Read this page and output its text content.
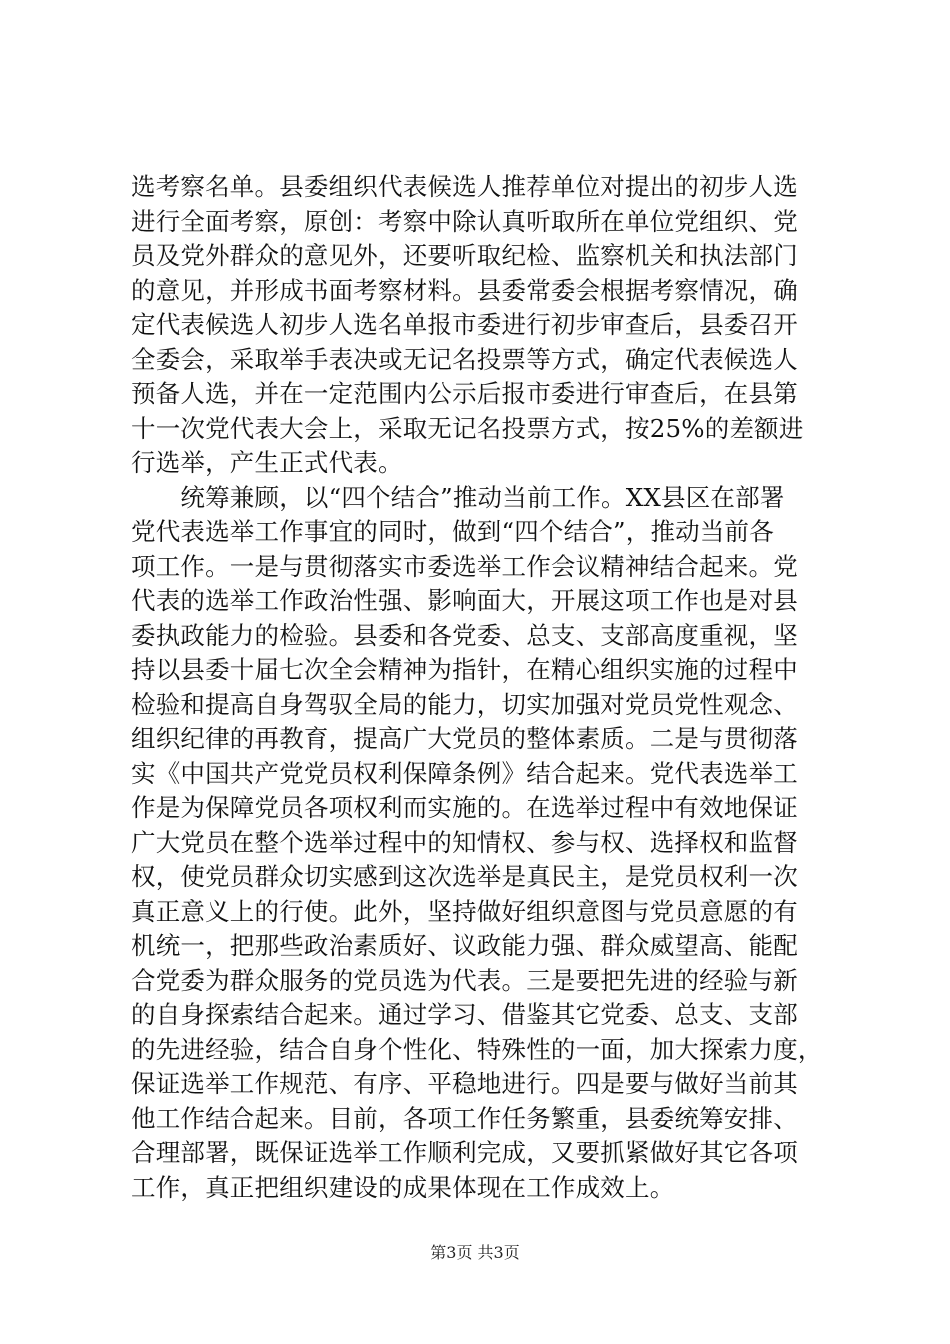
选考察名单。县委组织代表候选人推荐单位对提出的初步人选
进行全面考察，原创：考察中除认真听取所在单位党组织、党
员及党外群众的意见外，还要听取纪检、监察机关和执法部门
的意见，并形成书面考察材料。县委常委会根据考察情况，确
定代表候选人初步人选名单报市委进行初步审查后，县委召开
全委会，采取举手表决或无记名投票等方式，确定代表候选人
预备人选，并在一定范围内公示后报市委进行审查后，在县第
十一次党代表大会上，采取无记名投票方式，按25%的差额进
行选举，产生正式代表。
　　统筹兼顾，以“四个结合”推动当前工作。XX县区在部署
党代表选举工作事宜的同时，做到“四个结合”，推动当前各
项工作。一是与贯彻落实市委选举工作会议精神结合起来。党
代表的选举工作政治性强、影响面大，开展这项工作也是对县
委执政能力的检验。县委和各党委、总支、支部高度重视，坚
持以县委十届七次全会精神为指针，在精心组织实施的过程中
检验和提高自身驾驭全局的能力，切实加强对党员党性观念、
组织纪律的再教育，提高广大党员的整体素质。二是与贯彻落
实《中国共产党党员权利保障条例》结合起来。党代表选举工
作是为保障党员各项权利而实施的。在选举过程中有效地保证
广大党员在整个选举过程中的知情权、参与权、选择权和监督
权，使党员群众切实感到这次选举是真民主，是党员权利一次
真正意义上的行使。此外，坚持做好组织意图与党员意愿的有
机统一，把那些政治素质好、议政能力强、群众威望高、能配
合党委为群众服务的党员选为代表。三是要把先进的经验与新
的自身探索结合起来。通过学习、借鉴其它党委、总支、支部
的先进经验，结合自身个性化、特殊性的一面，加大探索力度，
保证选举工作规范、有序、平稳地进行。四是要与做好当前其
他工作结合起来。目前，各项工作任务繁重，县委统筹安排、
合理部署，既保证选举工作顺利完成，又要抓紧做好其它各项
工作，真正把组织建设的成果体现在工作成效上。
第3页 共3页
